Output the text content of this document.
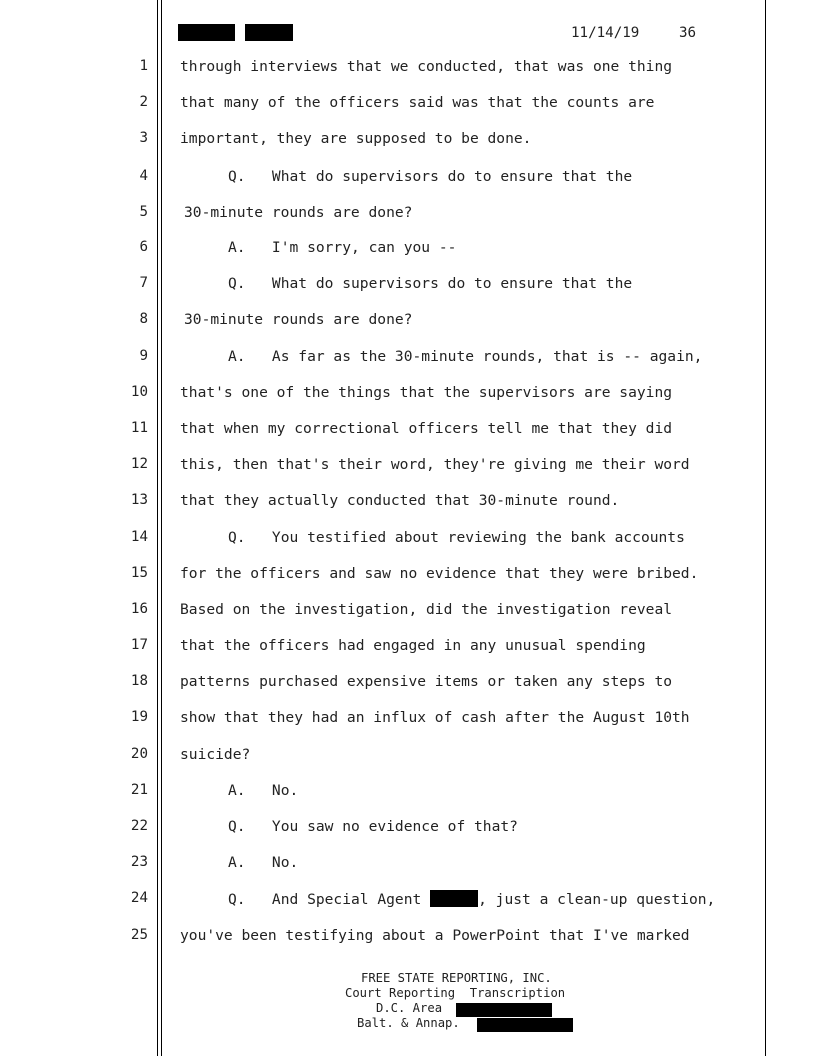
11/14/19	36
1 through interviews that we conducted, that was one thing
2 that many of the officers said was that the counts are
3 important, they are supposed to be done.
4	Q.   What do supervisors do to ensure that the
5 30-minute rounds are done?
6	A.   I'm sorry, can you --
7	Q.   What do supervisors do to ensure that the
8 30-minute rounds are done?
9	A.   As far as the 30-minute rounds, that is -- again,
10 that's one of the things that the supervisors are saying
11 that when my correctional officers tell me that they did
12 this, then that's their word, they're giving me their word
13 that they actually conducted that 30-minute round.
14	Q.   You testified about reviewing the bank accounts
15 for the officers and saw no evidence that they were bribed.
16 Based on the investigation, did the investigation reveal
17 that the officers had engaged in any unusual spending
18 patterns purchased expensive items or taken any steps to
19 show that they had an influx of cash after the August 10th
20 suicide?
21	A.   No.
22	Q.   You saw no evidence of that?
23	A.   No.
24	Q.   And Special Agent	, just a clean-up question,
25 you've been testifying about a PowerPoint that I've marked
FREE STATE REPORTING, INC.
Court Reporting  Transcription
D.C. Area
Balt. & Annap.
